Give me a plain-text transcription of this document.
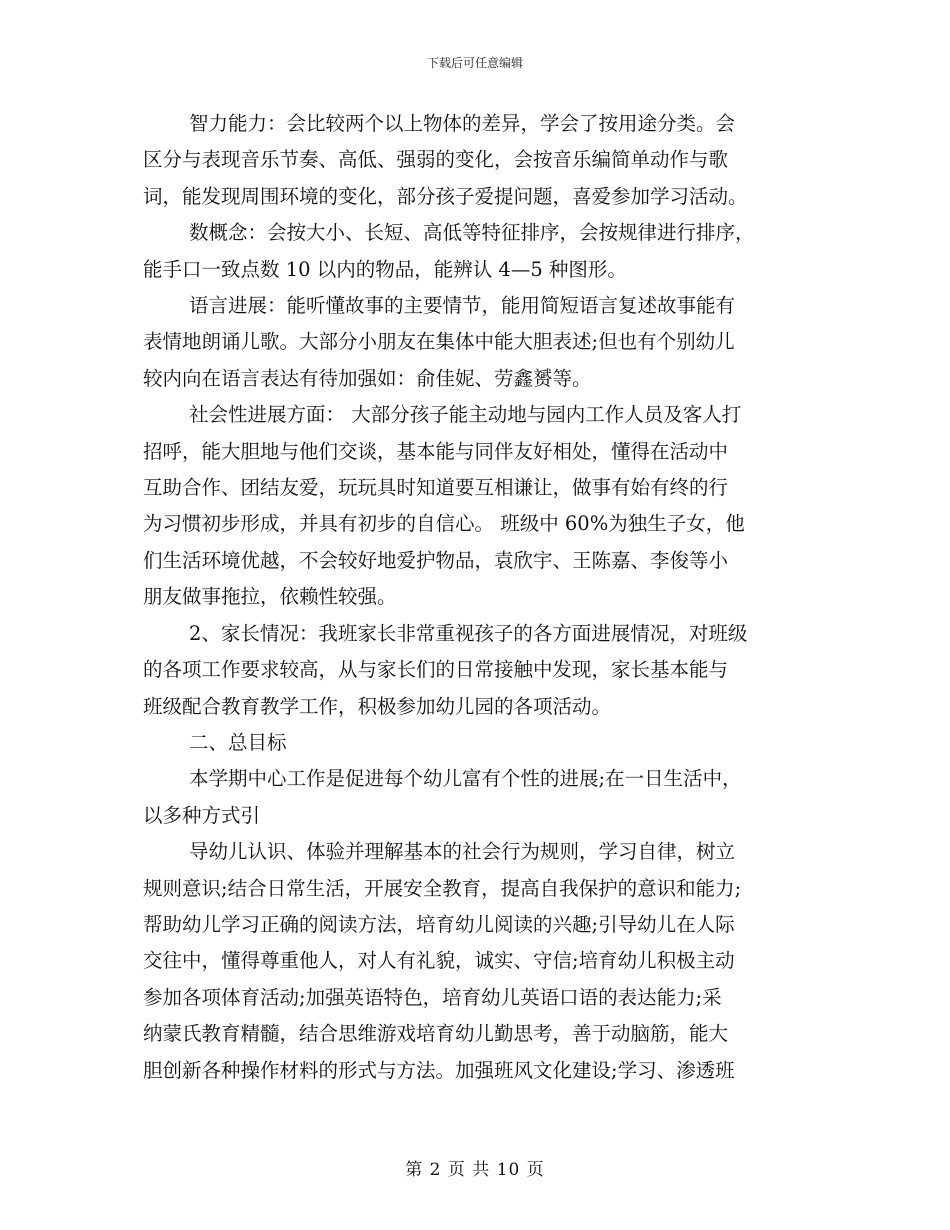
下载后可任意编辑

智力能力：会比较两个以上物体的差异，学会了按用途分类。会

区分与表现音乐节奏、高低、强弱的变化，会按音乐编简单动作与歌

词，能发现周围环境的变化，部分孩子爱提问题，喜爱参加学习活动。

数概念：会按大小、长短、高低等特征排序，会按规律进行排序，

能手口一致点数 10 以内的物品，能辨认 4—5 种图形。

语言进展：能听懂故事的主要情节，能用简短语言复述故事能有

表情地朗诵儿歌。大部分小朋友在集体中能大胆表述;但也有个别幼儿

较内向在语言表达有待加强如：俞佳妮、劳鑫赟等。

社会性进展方面： 大部分孩子能主动地与园内工作人员及客人打

招呼，能大胆地与他们交谈，基本能与同伴友好相处，懂得在活动中

互助合作、团结友爱，玩玩具时知道要互相谦让，做事有始有终的行

为习惯初步形成，并具有初步的自信心。 班级中 60%为独生子女，他

们生活环境优越，不会较好地爱护物品，袁欣宇、王陈嘉、李俊等小

朋友做事拖拉，依赖性较强。

2、家长情况：我班家长非常重视孩子的各方面进展情况，对班级

的各项工作要求较高，从与家长们的日常接触中发现，家长基本能与

班级配合教育教学工作，积极参加幼儿园的各项活动。

二、总目标

本学期中心工作是促进每个幼儿富有个性的进展;在一日生活中，

以多种方式引

导幼儿认识、体验并理解基本的社会行为规则，学习自律，树立

规则意识;结合日常生活，开展安全教育，提高自我保护的意识和能力;

帮助幼儿学习正确的阅读方法，培育幼儿阅读的兴趣;引导幼儿在人际

交往中，懂得尊重他人，对人有礼貌，诚实、守信;培育幼儿积极主动

参加各项体育活动;加强英语特色，培育幼儿英语口语的表达能力;采

纳蒙氏教育精髓，结合思维游戏培育幼儿勤思考，善于动脑筋，能大

胆创新各种操作材料的形式与方法。加强班风文化建设;学习、渗透班

第 2 页 共 10 页
